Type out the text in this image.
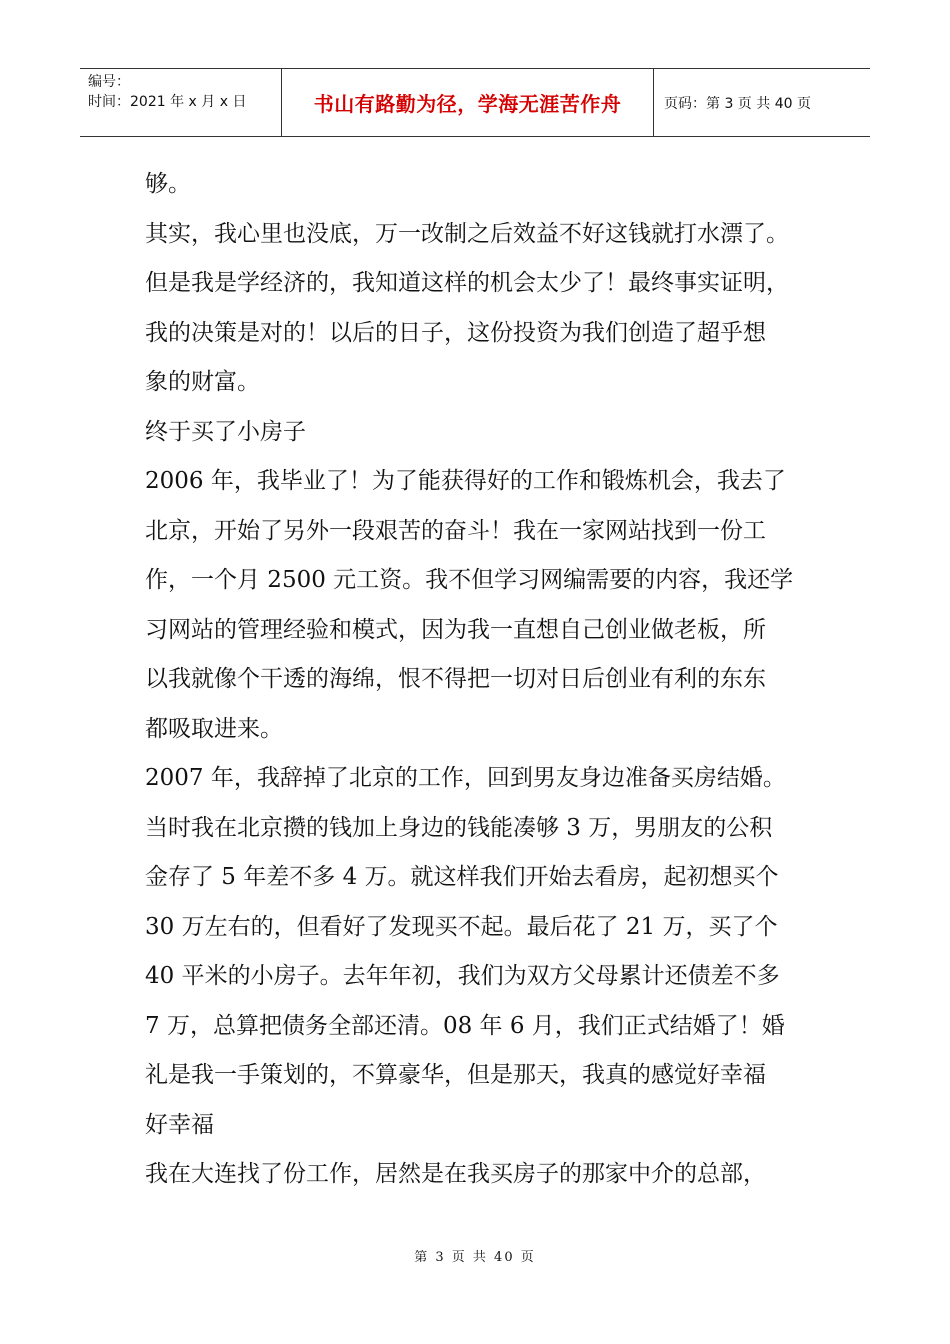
编号：
时间：2021 年 x 月 x 日	书山有路勤为径，学海无涯苦作舟	页码：第 3 页 共 40 页

够。

其实，我心里也没底，万一改制之后效益不好这钱就打水漂了。

但是我是学经济的，我知道这样的机会太少了！最终事实证明，

我的决策是对的！以后的日子，这份投资为我们创造了超乎想

象的财富。

终于买了小房子

2006 年，我毕业了！为了能获得好的工作和锻炼机会，我去了

北京，开始了另外一段艰苦的奋斗！我在一家网站找到一份工

作，一个月 2500 元工资。我不但学习网编需要的内容，我还学

习网站的管理经验和模式，因为我一直想自己创业做老板，所

以我就像个干透的海绵，恨不得把一切对日后创业有利的东东

都吸取进来。

2007 年，我辞掉了北京的工作，回到男友身边准备买房结婚。

当时我在北京攒的钱加上身边的钱能凑够 3 万，男朋友的公积

金存了 5 年差不多 4 万。就这样我们开始去看房，起初想买个

30 万左右的，但看好了发现买不起。最后花了 21 万，买了个

40 平米的小房子。去年年初，我们为双方父母累计还债差不多

7 万，总算把债务全部还清。08 年 6 月，我们正式结婚了！婚

礼是我一手策划的，不算豪华，但是那天，我真的感觉好幸福

好幸福

我在大连找了份工作，居然是在我买房子的那家中介的总部，

第 3 页 共 40 页
